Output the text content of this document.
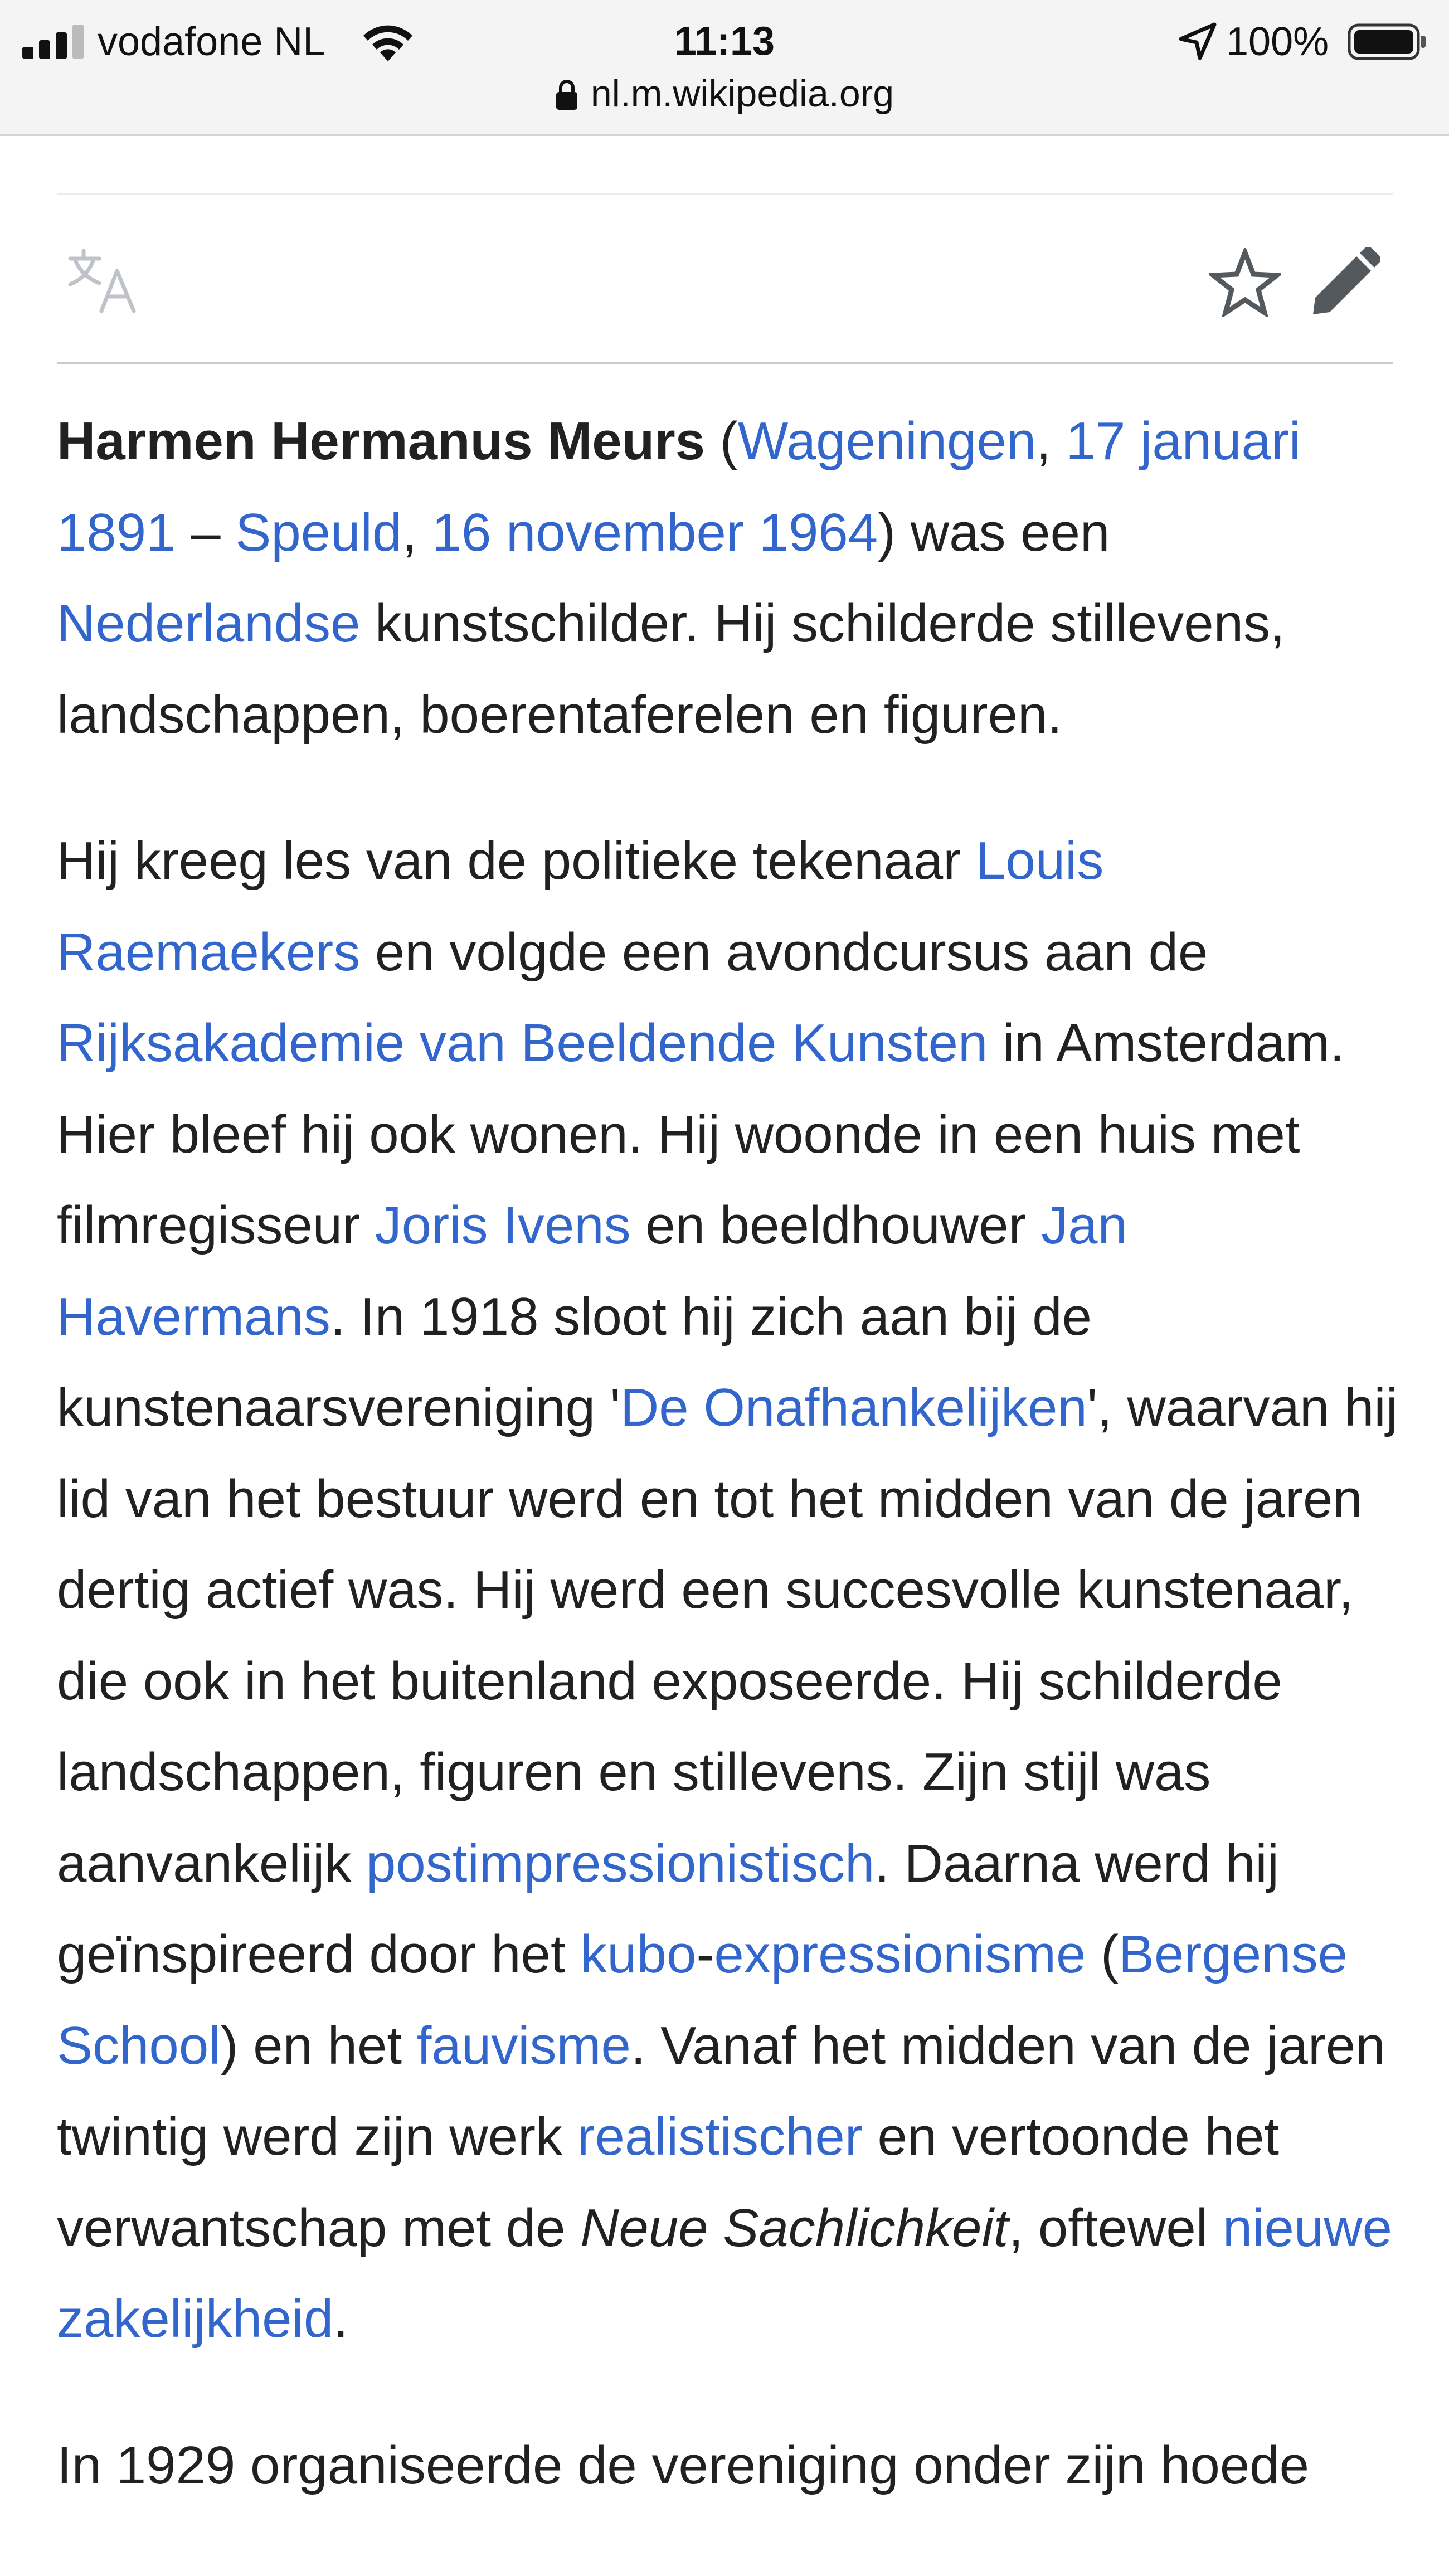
vodafone NL	11:13	100%
nl.m.wikipedia.org

Harmen Hermanus Meurs (Wageningen, 17 januari 1891 – Speuld, 16 november 1964) was een Nederlandse kunstschilder. Hij schilderde stillevens, landschappen, boerentaferelen en figuren.

Hij kreeg les van de politieke tekenaar Louis Raemaekers en volgde een avondcursus aan de Rijksakademie van Beeldende Kunsten in Amsterdam. Hier bleef hij ook wonen. Hij woonde in een huis met filmregisseur Joris Ivens en beeldhouwer Jan Havermans. In 1918 sloot hij zich aan bij de kunstenaarsvereniging 'De Onafhankelijken', waarvan hij lid van het bestuur werd en tot het midden van de jaren dertig actief was. Hij werd een succesvolle kunstenaar, die ook in het buitenland exposeerde. Hij schilderde landschappen, figuren en stillevens. Zijn stijl was aanvankelijk postimpressionistisch. Daarna werd hij geïnspireerd door het kubo-expressionisme (Bergense School) en het fauvisme. Vanaf het midden van de jaren twintig werd zijn werk realistischer en vertoonde het verwantschap met de Neue Sachlichkeit, oftewel nieuwe zakelijkheid.

In 1929 organiseerde de vereniging onder zijn hoede
